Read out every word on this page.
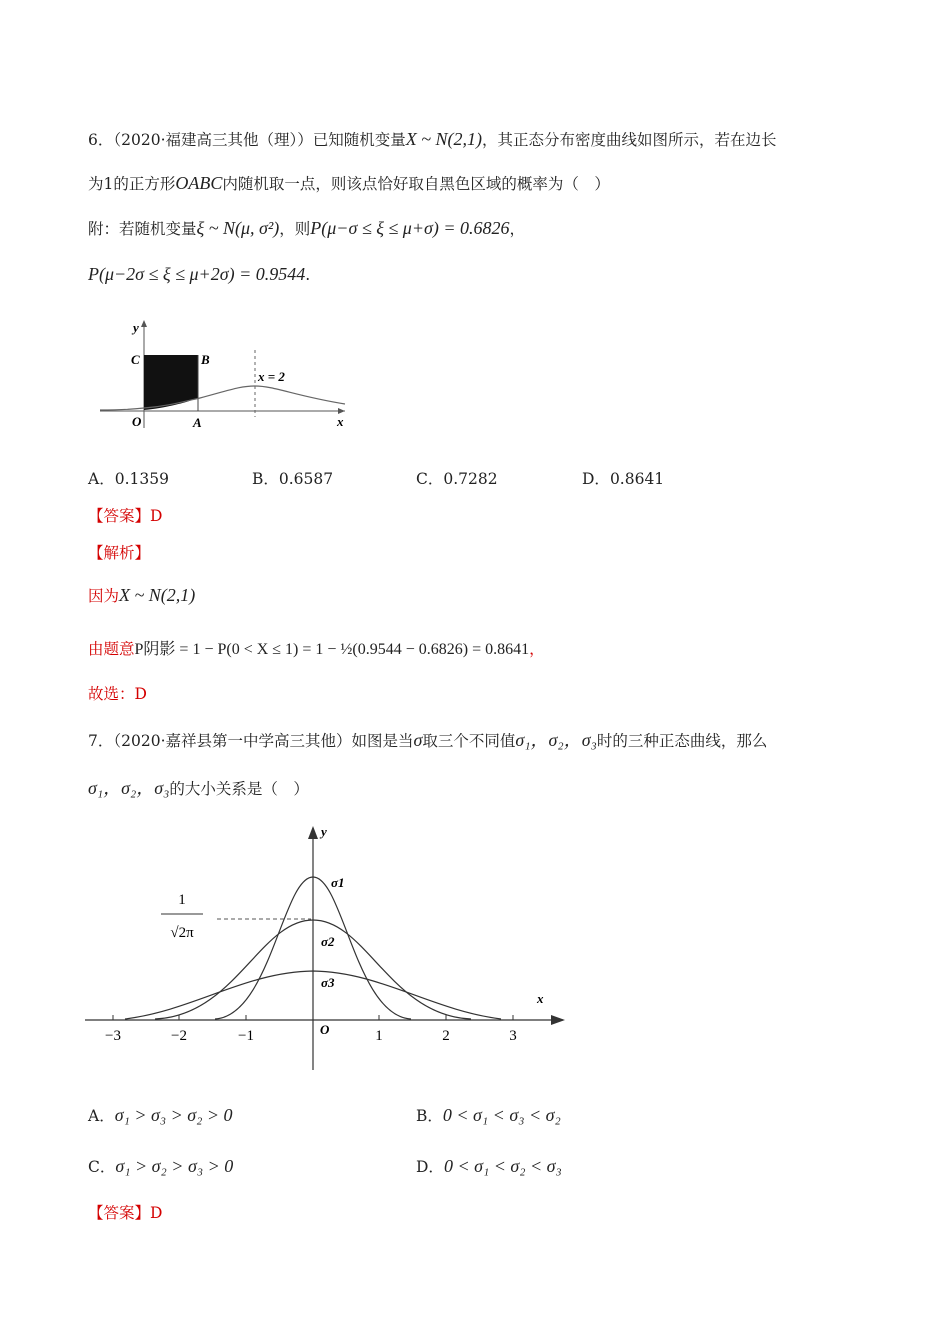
6．（2020·福建高三其他（理））已知随机变量X ~ N(2,1)，其正态分布密度曲线如图所示，若在边长
为1的正方形OABC内随机取一点，则该点恰好取自黑色区域的概率为（　）
附：若随机变量ξ ~ N(μ, σ²)，则P(μ−σ ≤ ξ ≤ μ+σ) = 0.6826，
P(μ−2σ ≤ ξ ≤ μ+2σ) = 0.9544.
y
x
O	A
B
C
x = 2
A．0.1359	B．0.6587	C．0.7282	D．0.8641
【答案】D
【解析】
因为X ~ N(2,1)
由题意P阴影 = 1 − P(0 < X ≤ 1) = 1 − ½(0.9544 − 0.6826) = 0.8641，
故选：D
7．（2020·嘉祥县第一中学高三其他）如图是当σ取三个不同值σ₁，σ₂，σ₃时的三种正态曲线，那么
σ₁，σ₂，σ₃的大小关系是（　）
1
√2π
y
x
O
σ1
σ2
σ3
−3	−2	−1	1	2	3
A．σ₁ > σ₃ > σ₂ > 0	B．0 < σ₁ < σ₃ < σ₂
C．σ₁ > σ₂ > σ₃ > 0	D．0 < σ₁ < σ₂ < σ₃
【答案】D
